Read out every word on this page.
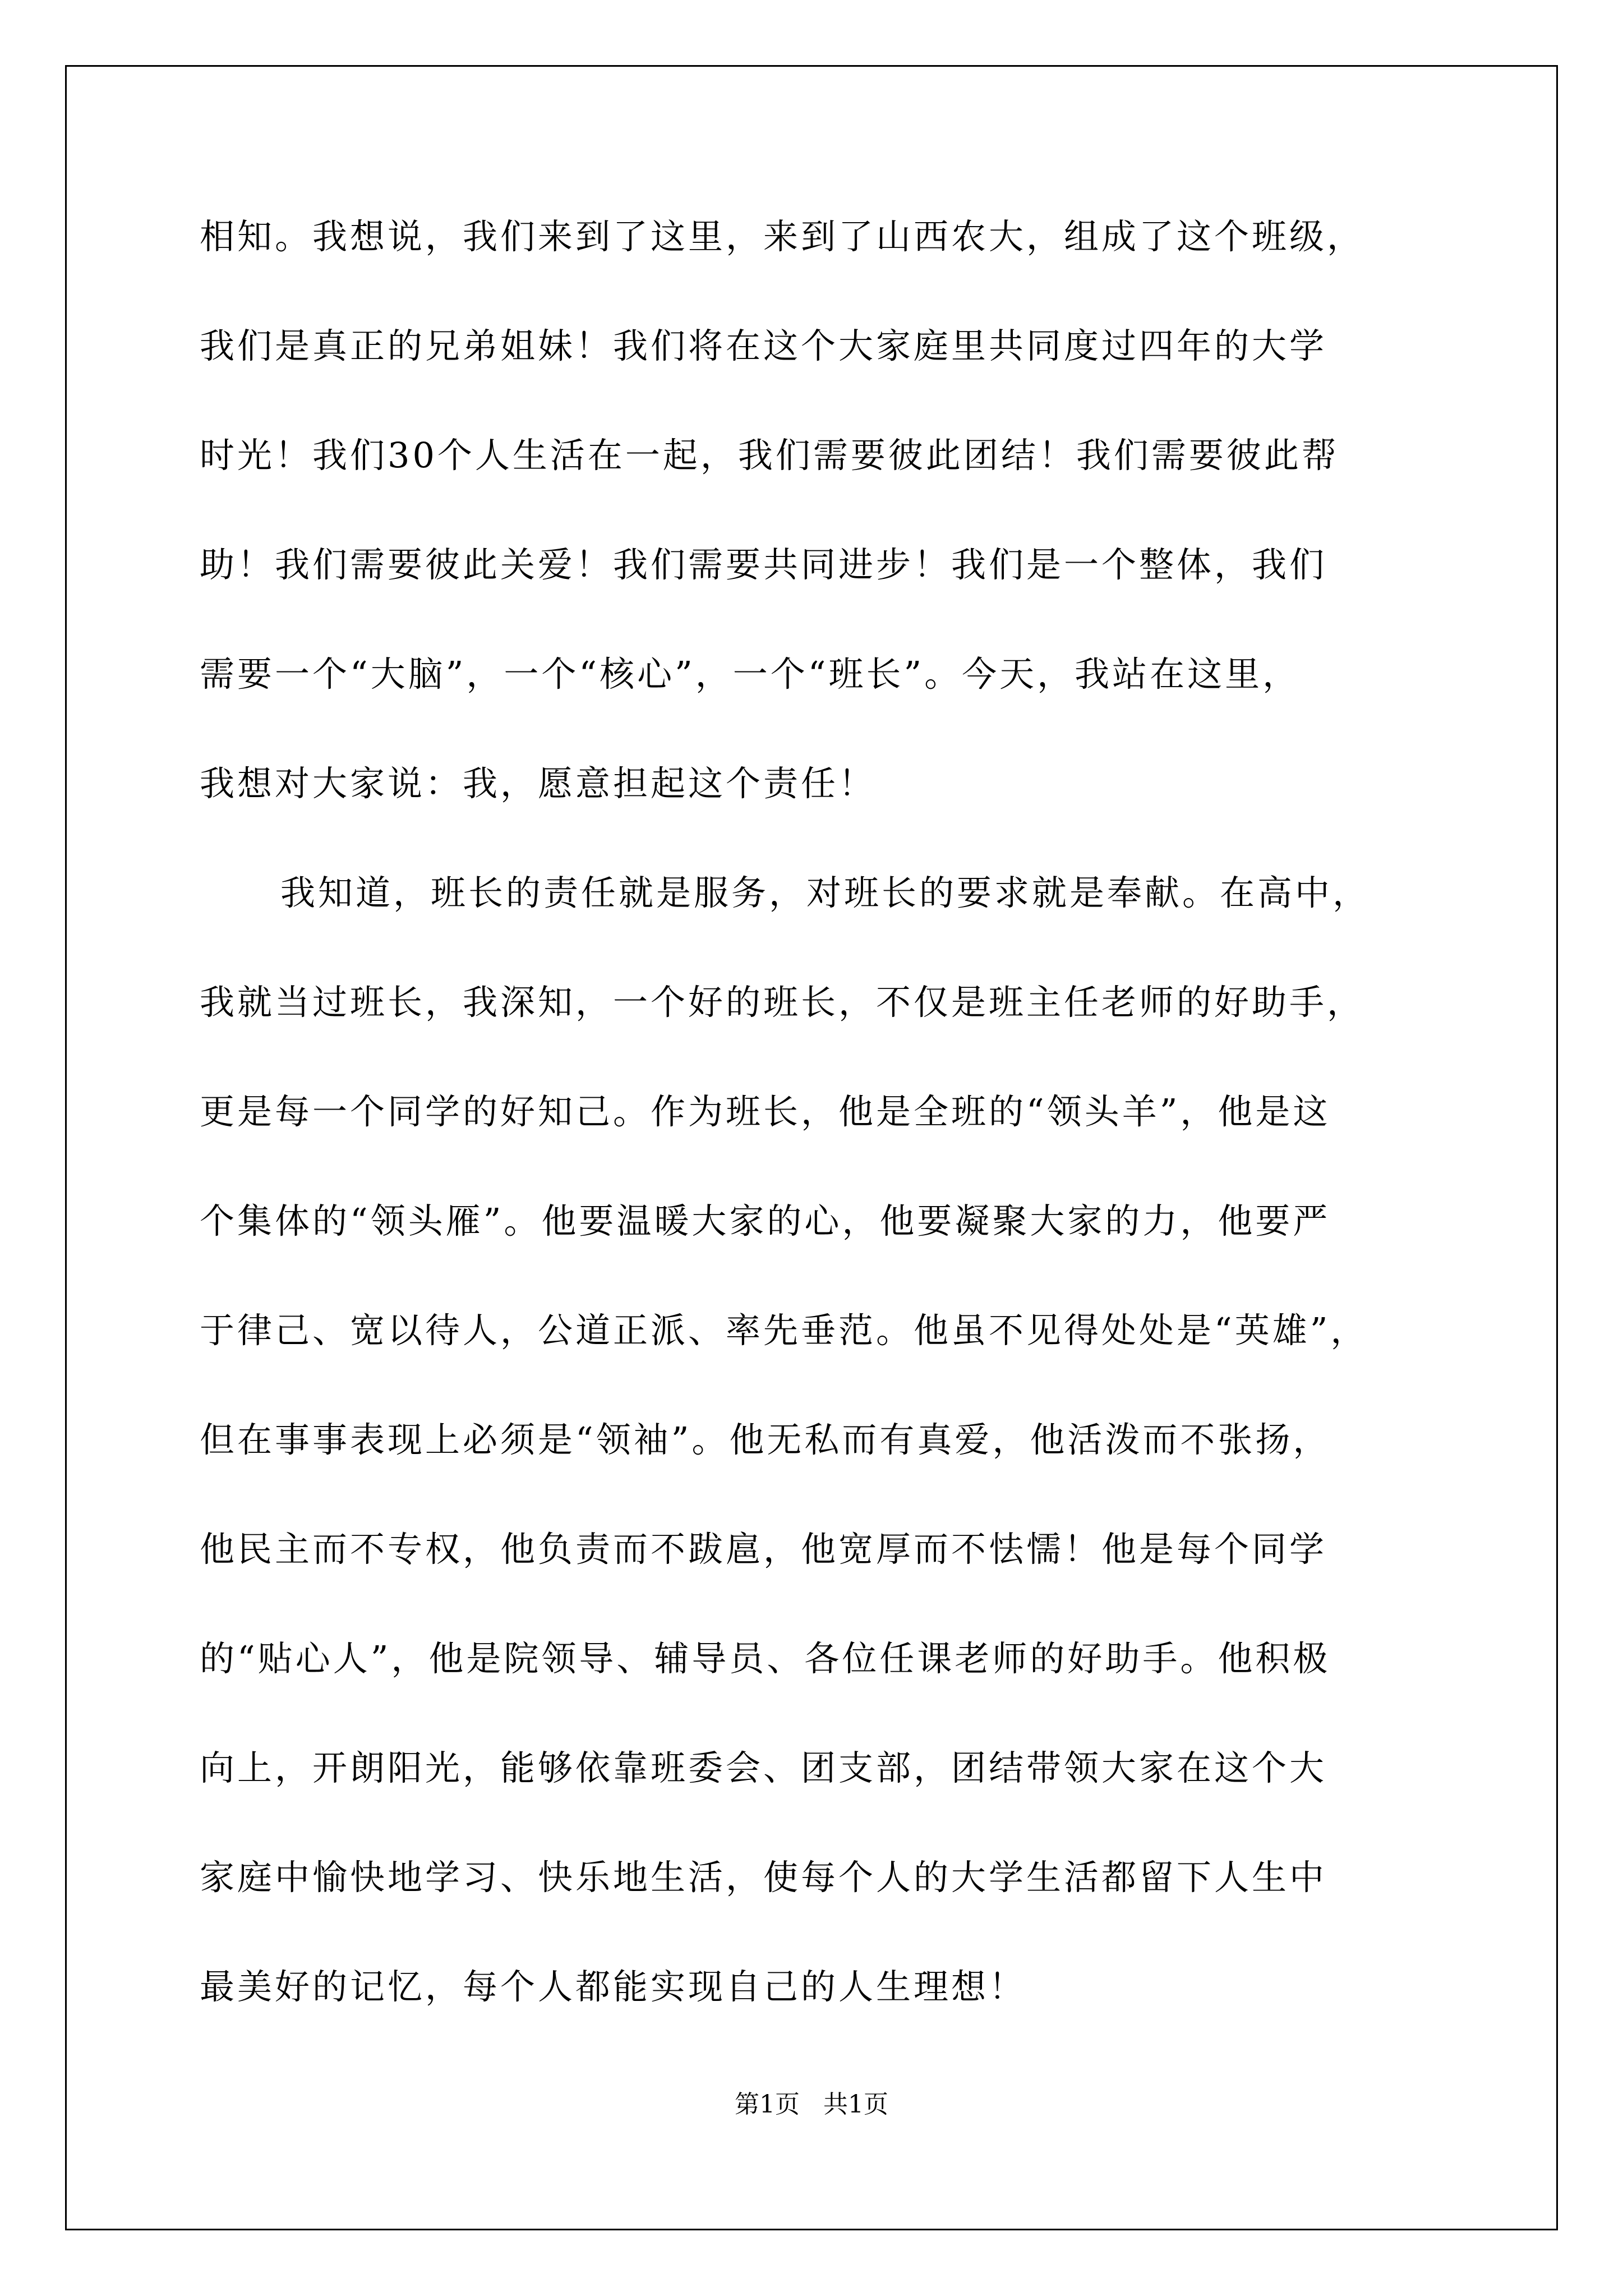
相知。我想说，我们来到了这里，来到了山西农大，组成了这个班级，
我们是真正的兄弟姐妹！我们将在这个大家庭里共同度过四年的大学
时光！我们30个人生活在一起，我们需要彼此团结！我们需要彼此帮
助！我们需要彼此关爱！我们需要共同进步！我们是一个整体，我们
需要一个“大脑”，一个“核心”，一个“班长”。今天，我站在这里，
我想对大家说：我，愿意担起这个责任！
我知道，班长的责任就是服务，对班长的要求就是奉献。在高中，
我就当过班长，我深知，一个好的班长，不仅是班主任老师的好助手，
更是每一个同学的好知己。作为班长，他是全班的“领头羊”，他是这
个集体的“领头雁”。他要温暖大家的心，他要凝聚大家的力，他要严
于律己、宽以待人，公道正派、率先垂范。他虽不见得处处是“英雄”，
但在事事表现上必须是“领袖”。他无私而有真爱，他活泼而不张扬，
他民主而不专权，他负责而不跋扈，他宽厚而不怯懦！他是每个同学
的“贴心人”，他是院领导、辅导员、各位任课老师的好助手。他积极
向上，开朗阳光，能够依靠班委会、团支部，团结带领大家在这个大
家庭中愉快地学习、快乐地生活，使每个人的大学生活都留下人生中
最美好的记忆，每个人都能实现自己的人生理想！
第1页   共1页
